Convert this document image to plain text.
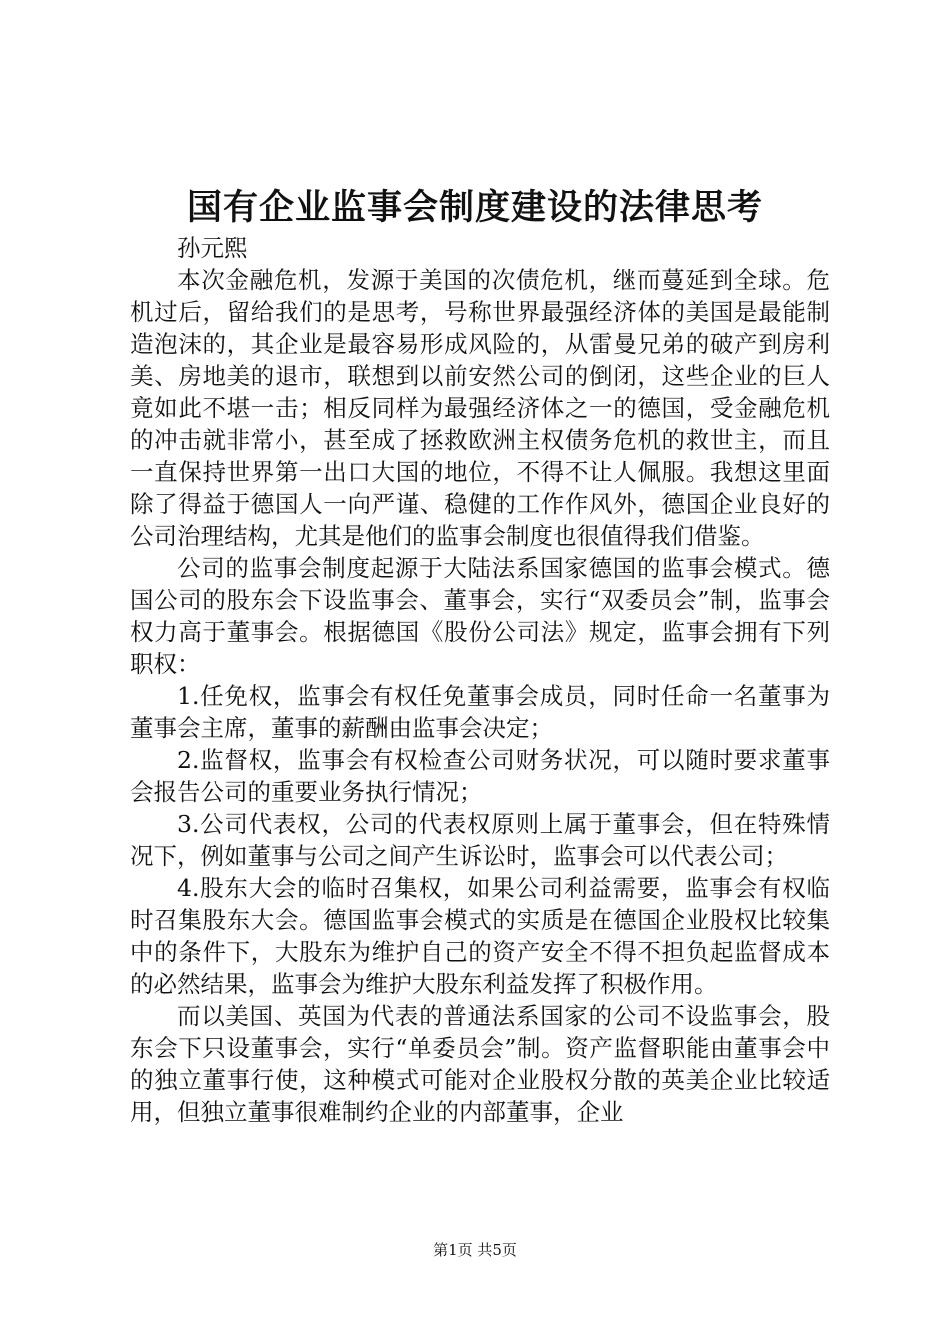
国有企业监事会制度建设的法律思考

孙元熙

本次金融危机，发源于美国的次债危机，继而蔓延到全球。危机过后，留给我们的是思考，号称世界最强经济体的美国是最能制造泡沫的，其企业是最容易形成风险的，从雷曼兄弟的破产到房利美、房地美的退市，联想到以前安然公司的倒闭，这些企业的巨人竟如此不堪一击；相反同样为最强经济体之一的德国，受金融危机的冲击就非常小，甚至成了拯救欧洲主权债务危机的救世主，而且一直保持世界第一出口大国的地位，不得不让人佩服。我想这里面除了得益于德国人一向严谨、稳健的工作作风外，德国企业良好的公司治理结构，尤其是他们的监事会制度也很值得我们借鉴。

公司的监事会制度起源于大陆法系国家德国的监事会模式。德国公司的股东会下设监事会、董事会，实行“双委员会”制，监事会权力高于董事会。根据德国《股份公司法》规定，监事会拥有下列职权：

1.任免权，监事会有权任免董事会成员，同时任命一名董事为董事会主席，董事的薪酬由监事会决定；

2.监督权，监事会有权检查公司财务状况，可以随时要求董事会报告公司的重要业务执行情况；

3.公司代表权，公司的代表权原则上属于董事会，但在特殊情况下，例如董事与公司之间产生诉讼时，监事会可以代表公司；

4.股东大会的临时召集权，如果公司利益需要，监事会有权临时召集股东大会。德国监事会模式的实质是在德国企业股权比较集中的条件下，大股东为维护自己的资产安全不得不担负起监督成本的必然结果，监事会为维护大股东利益发挥了积极作用。

而以美国、英国为代表的普通法系国家的公司不设监事会，股东会下只设董事会，实行“单委员会”制。资产监督职能由董事会中的独立董事行使，这种模式可能对企业股权分散的英美企业比较适用，但独立董事很难制约企业的内部董事，企业

第1页 共5页
